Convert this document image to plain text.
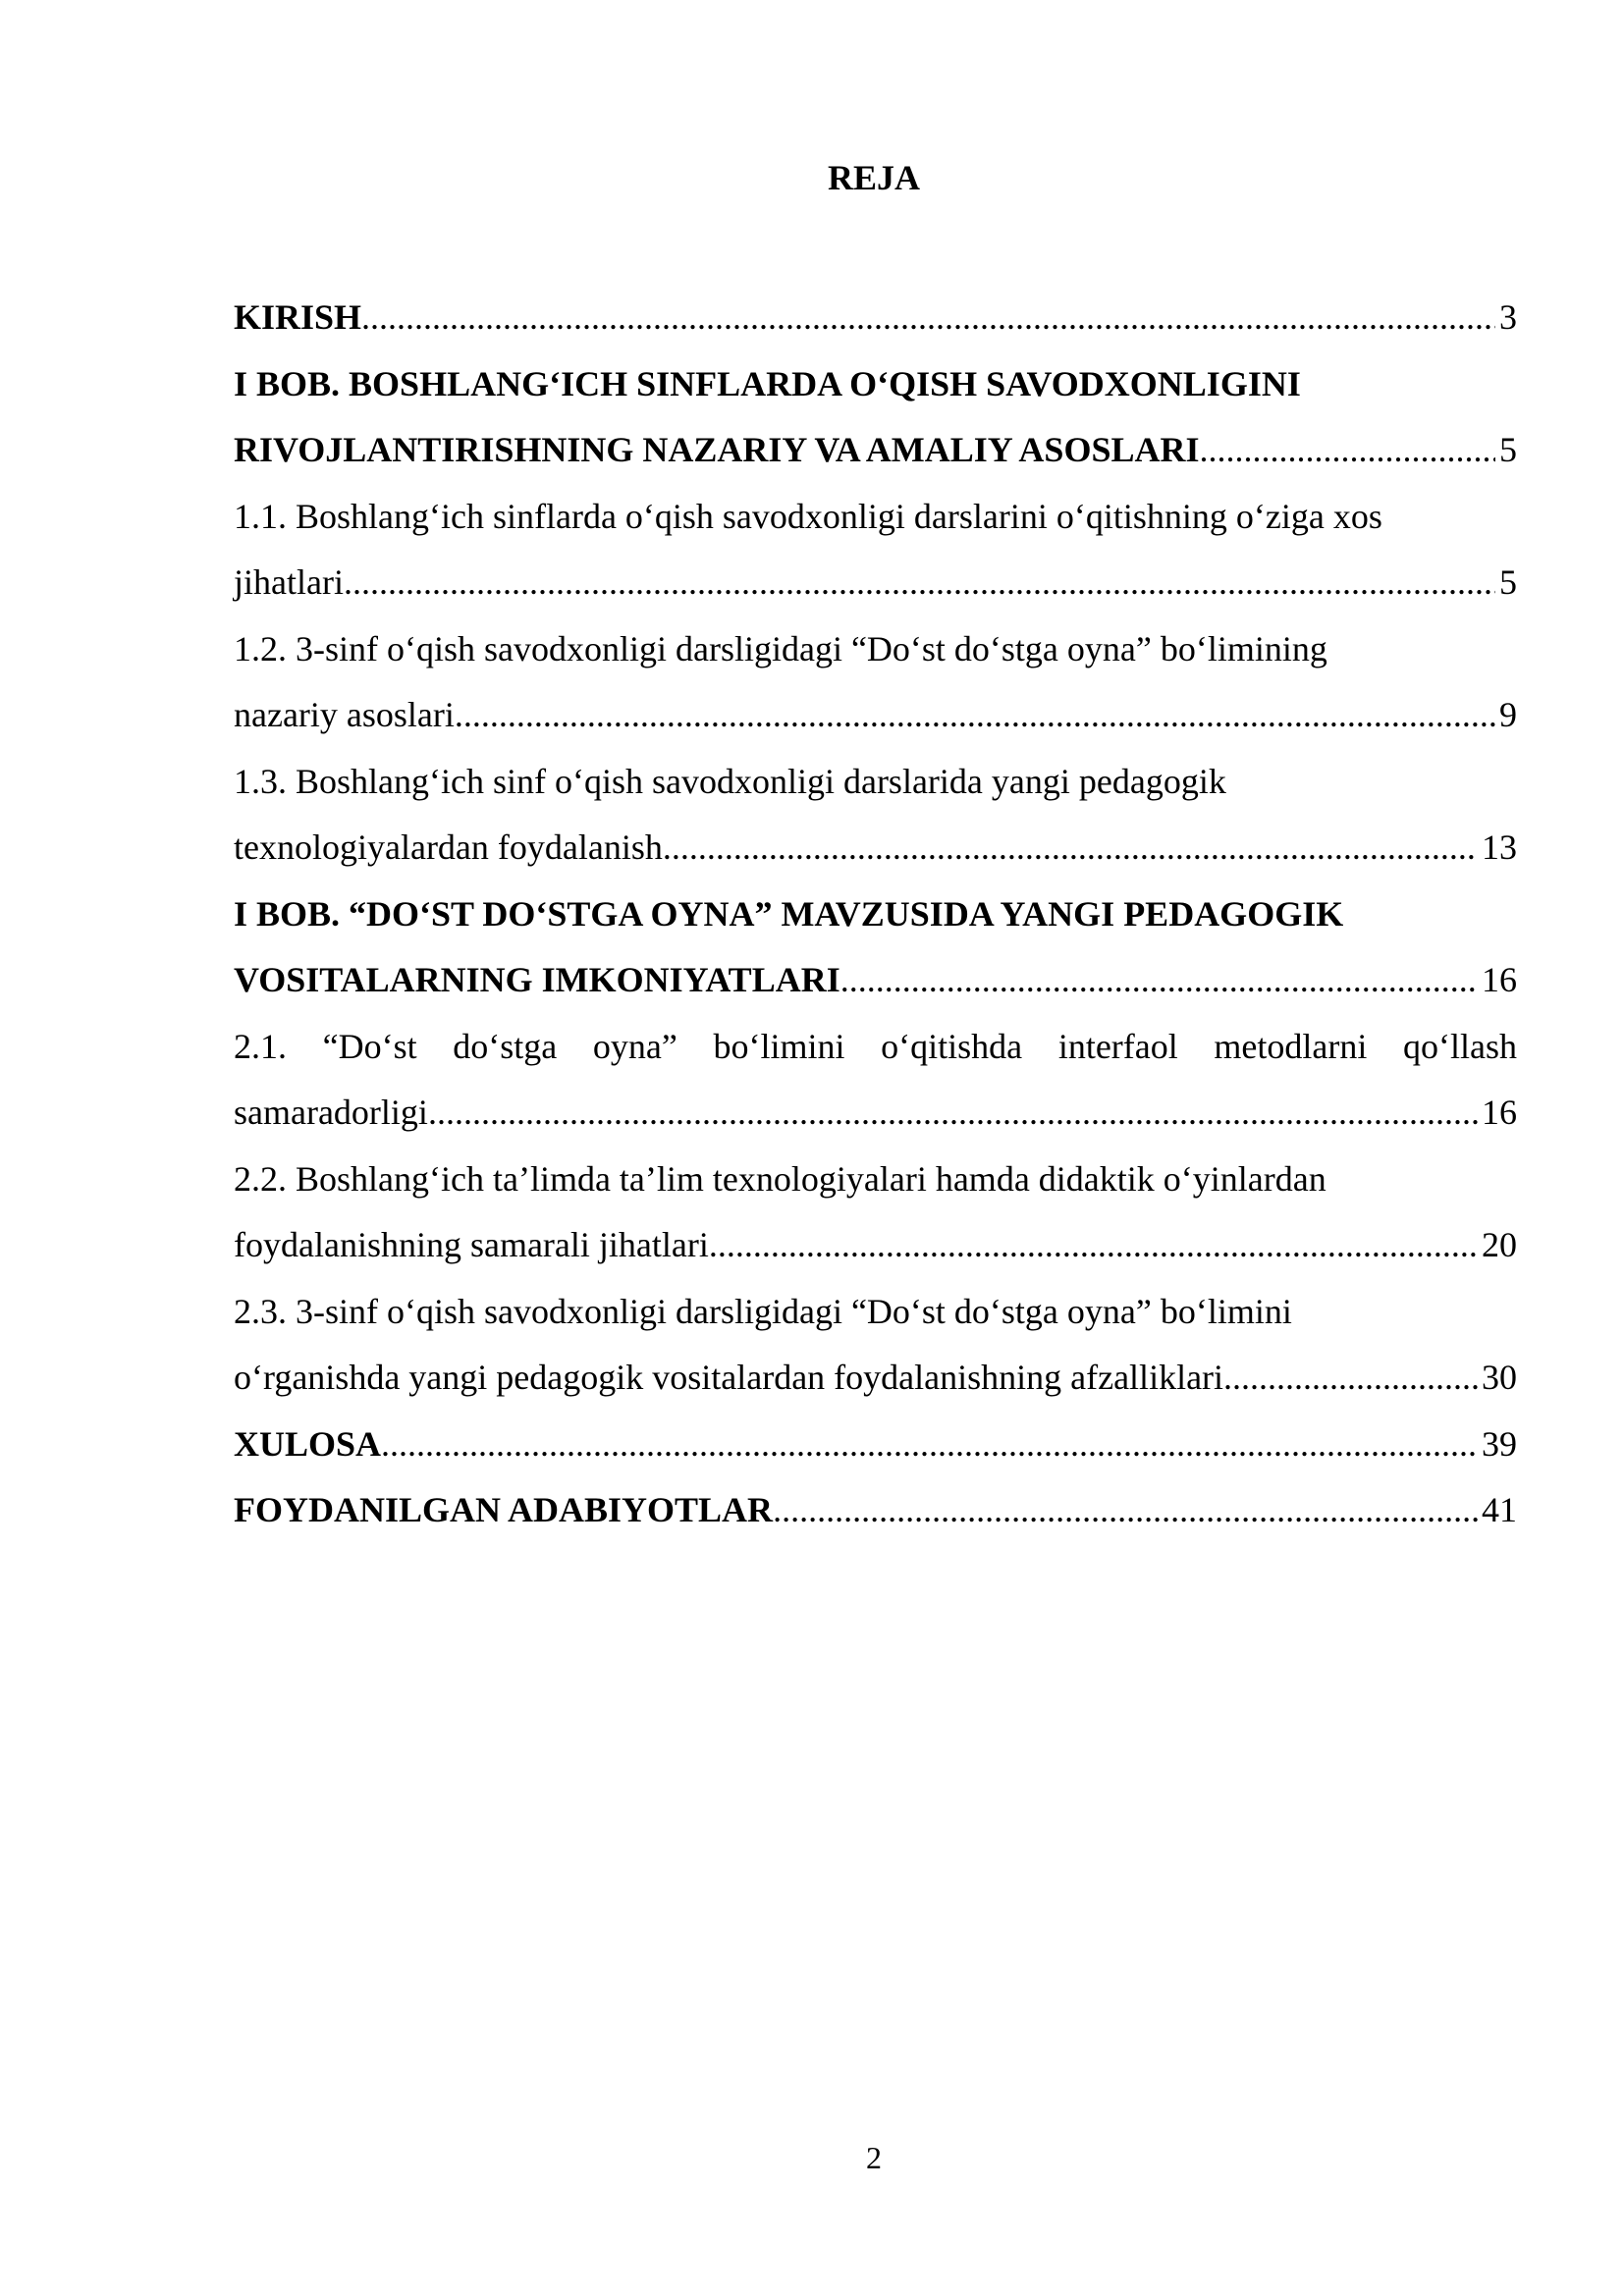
REJA
KIRISH .....	3
I BOB. BOSHLANG‘ICH SINFLARDA O‘QISH SAVODXONLIGINI
RIVOJLANTIRISHNING NAZARIY VA AMALIY ASOSLARI .....	5
1.1. Boshlang‘ich sinflarda o‘qish savodxonligi darslarini o‘qitishning o‘ziga xos
jihatlari .....	5
1.2. 3-sinf o‘qish savodxonligi darsligidagi “Do‘st do‘stga oyna” bo‘limining
nazariy asoslari .....	9
1.3. Boshlang‘ich sinf o‘qish savodxonligi darslarida yangi pedagogik
texnologiyalardan foydalanish .....	13
I BOB. “DO‘ST DO‘STGA OYNA” MAVZUSIDA YANGI PEDAGOGIK
VOSITALARNING IMKONIYATLARI .....	16
2.1. “Do‘st do‘stga oyna” bo‘limini o‘qitishda interfaol metodlarni qo‘llash
samaradorligi .....	16
2.2. Boshlang‘ich ta’limda ta’lim texnologiyalari hamda didaktik o‘yinlardan
foydalanishning samarali jihatlari .....	20
2.3. 3-sinf o‘qish savodxonligi darsligidagi “Do‘st do‘stga oyna” bo‘limini
o‘rganishda yangi pedagogik vositalardan foydalanishning afzalliklari .....	30
XULOSA .....	39
FOYDANILGAN ADABIYOTLAR .....	41
2
